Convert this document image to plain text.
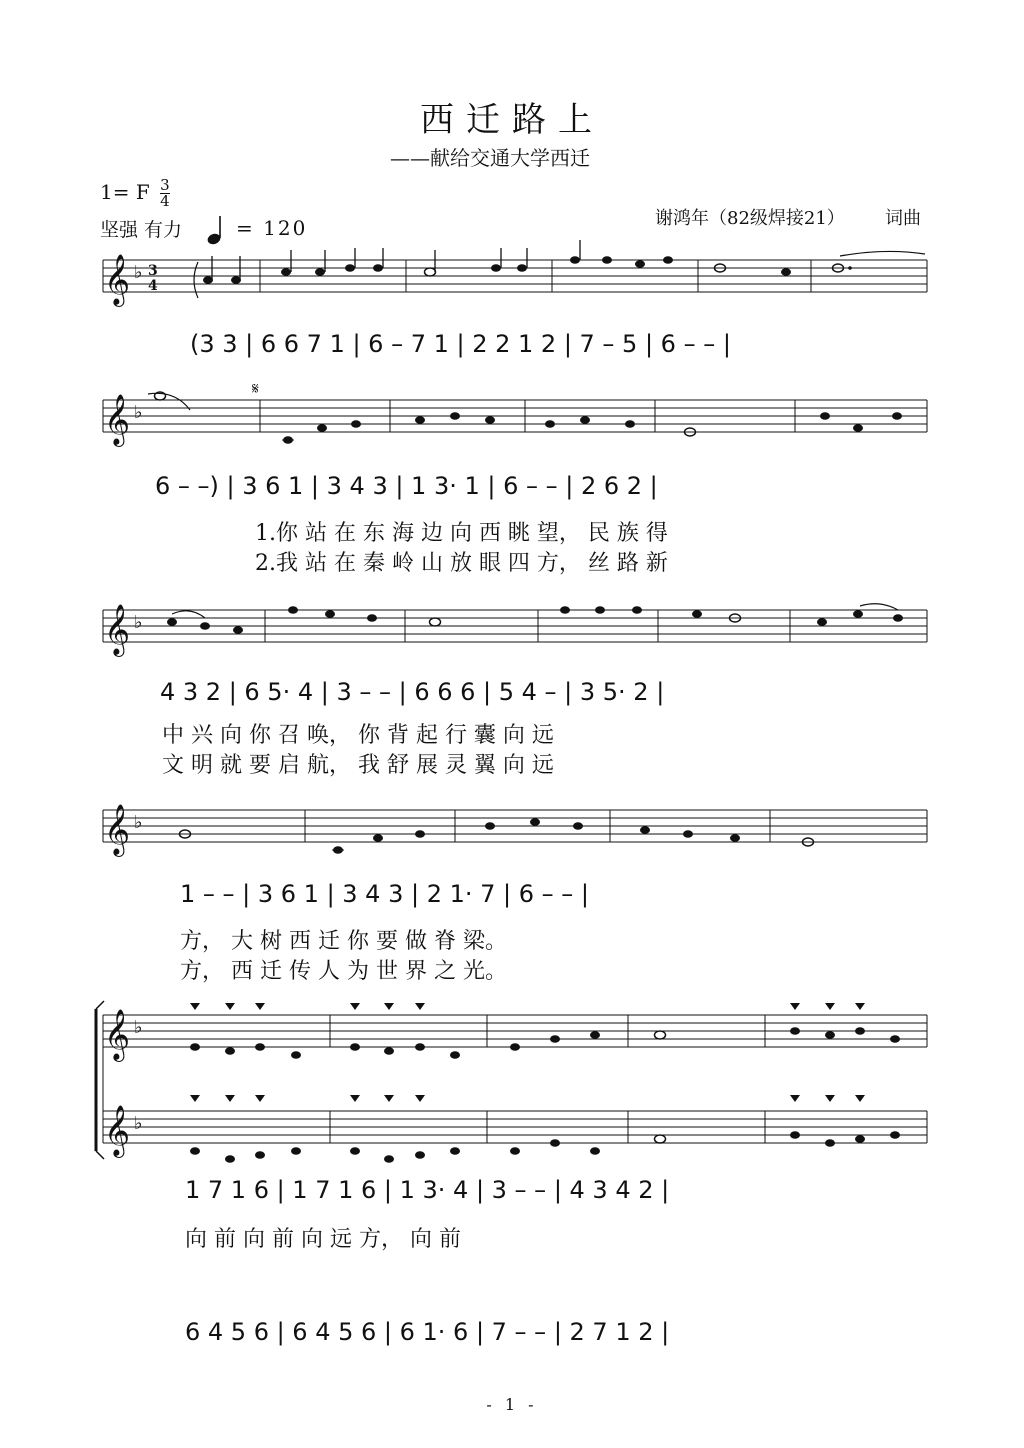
西迁路上
——献给交通大学西迁
1= F $\frac{3}{4}$
坚强 有力	= 120	谢鸿年（82级焊接21） 词曲
𝄞 ♭ 3
4
(3 3 | 6 6 7 1 | 6 – 7 1 | 2 2 1 2 | 7 – 5 | 6 – – |
𝄞 ♭
𝄋
6 – –) | 3 6 1 | 3 4 3 | 1 3· 1 | 6 – – | 2 6 2 |
1.你 站 在 东 海 边 向 西 眺 望， 民 族 得
2.我 站 在 秦 岭 山 放 眼 四 方， 丝 路 新
𝄞 ♭
4 3 2 | 6 5· 4 | 3 – – | 6 6 6 | 5 4 – | 3 5· 2 |
中 兴 向 你 召 唤， 你 背 起 行 囊 向 远
文 明 就 要 启 航， 我 舒 展 灵 翼 向 远
𝄞 ♭
1 – – | 3 6 1 | 3 4 3 | 2 1· 7 | 6 – – |
方， 大 树 西 迁 你 要 做 脊 梁。
方， 西 迁 传 人 为 世 界 之 光。
𝄞 ♭
𝄞 ♭
1 7 1 6 | 1 7 1 6 | 1 3· 4 | 3 – – | 4 3 4 2 |
向 前 向 前 向 远 方， 向 前
6 4 5 6 | 6 4 5 6 | 6 1· 6 | 7 – – | 2 7 1 2 |
- 1 -
